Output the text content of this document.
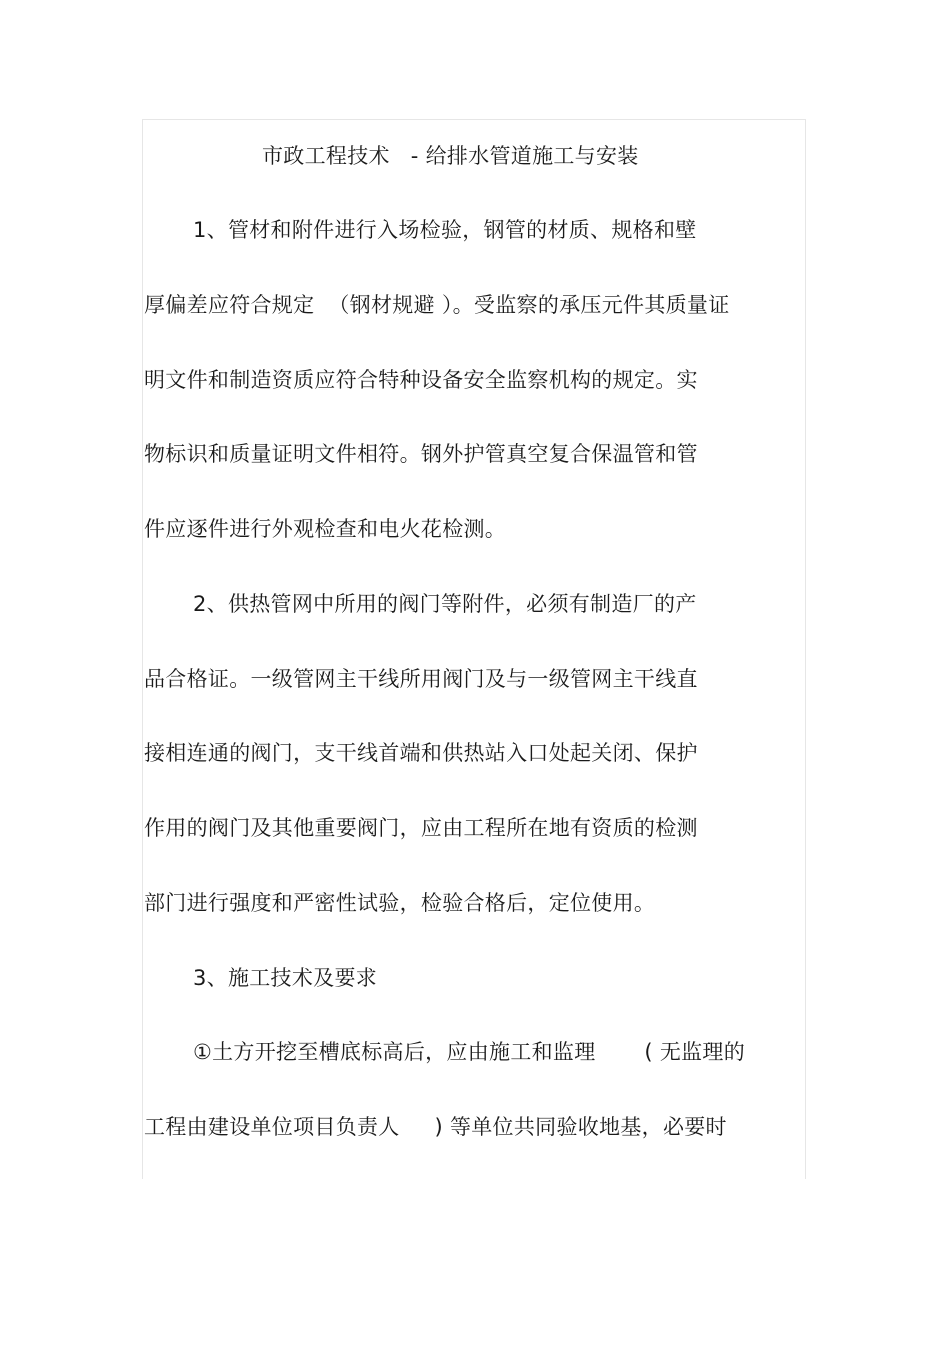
市政工程技术   - 给排水管道施工与安装
1、管材和附件进行入场检验，钢管的材质、规格和壁
厚偏差应符合规定  （钢材规避 ）。受监察的承压元件其质量证
明文件和制造资质应符合特种设备安全监察机构的规定。实
物标识和质量证明文件相符。钢外护管真空复合保温管和管
件应逐件进行外观检查和电火花检测。
2、供热管网中所用的阀门等附件，必须有制造厂的产
品合格证。一级管网主干线所用阀门及与一级管网主干线直
接相连通的阀门，支干线首端和供热站入口处起关闭、保护
作用的阀门及其他重要阀门，应由工程所在地有资质的检测
部门进行强度和严密性试验，检验合格后，定位使用。
3、施工技术及要求
①土方开挖至槽底标高后，应由施工和监理       ( 无监理的
工程由建设单位项目负责人     ) 等单位共同验收地基，必要时
